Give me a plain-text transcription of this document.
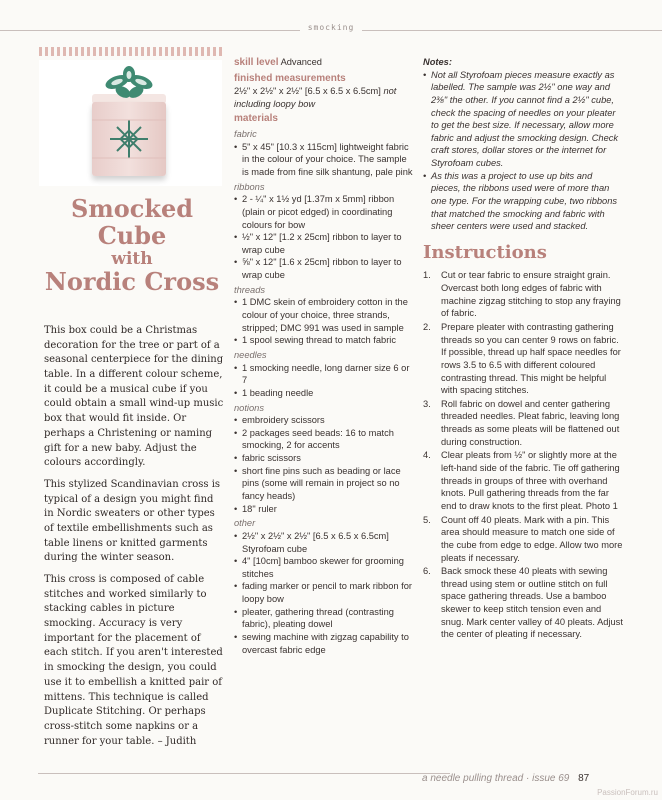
smocking
Smocked
Cube
with
Nordic Cross

This box could be a Christmas decoration for the tree or part of a seasonal centerpiece for the dining table. In a different colour scheme, it could be a musical cube if you could obtain a small wind-up music box that would fit inside. Or perhaps a Christening or naming gift for a new baby. Adjust the colours accordingly.

This stylized Scandinavian cross is typical of a design you might find in Nordic sweaters or other types of textile embellishments such as table linens or knitted garments during the winter season.

This cross is composed of cable stitches and worked similarly to stacking cables in picture smocking. Accuracy is very important for the placement of each stitch. If you aren't interested in smocking the design, you could use it to embellish a knitted pair of mittens. This technique is called Duplicate Stitching. Or perhaps cross-stitch some napkins or a runner for your table. – Judith

skill level Advanced
finished measurements
2½" x 2½" x 2½" [6.5 x 6.5 x 6.5cm] not including loopy bow
materials
fabric
• 5" x 45" [10.3 x 115cm] lightweight fabric in the colour of your choice. The sample is made from fine silk shantung, pale pink
ribbons
• 2 - ¼" x 1½ yd [1.37m x 5mm] ribbon (plain or picot edged) in coordinating colours for bow
• ½" x 12" [1.2 x 25cm] ribbon to layer to wrap cube
• ⅝" x 12" [1.6 x 25cm] ribbon to layer to wrap cube
threads
• 1 DMC skein of embroidery cotton in the colour of your choice, three strands, stripped; DMC 991 was used in sample
• 1 spool sewing thread to match fabric
needles
• 1 smocking needle, long darner size 6 or 7
• 1 beading needle
notions
• embroidery scissors
• 2 packages seed beads: 16 to match smocking, 2 for accents
• fabric scissors
• short fine pins such as beading or lace pins (some will remain in project so no fancy heads)
• 18" ruler
other
• 2½" x 2½" x 2½" [6.5 x 6.5 x 6.5cm] Styrofoam cube
• 4" [10cm] bamboo skewer for grooming stitches
• fading marker or pencil to mark ribbon for loopy bow
• pleater, gathering thread (contrasting fabric), pleating dowel
• sewing machine with zigzag capability to overcast fabric edge
Notes:
• Not all Styrofoam pieces measure exactly as labelled. The sample was 2½" one way and 2⅜" the other. If you cannot find a 2½" cube, check the spacing of needles on your pleater to get the best size. If necessary, allow more fabric and adjust the smocking design. Check craft stores, dollar stores or the internet for Styrofoam cubes.
• As this was a project to use up bits and pieces, the ribbons used were of more than one type. For the wrapping cube, two ribbons that matched the smocking and fabric with sheer centers were used and stacked.
Instructions
1. Cut or tear fabric to ensure straight grain. Overcast both long edges of fabric with machine zigzag stitching to stop any fraying of fabric.
2. Prepare pleater with contrasting gathering threads so you can center 9 rows on fabric. If possible, thread up half space needles for rows 3.5 to 6.5 with different coloured contrasting thread. This might be helpful with spacing stitches.
3. Roll fabric on dowel and center gathering threaded needles. Pleat fabric, leaving long threads as some pleats will be flattened out during construction.
4. Clear pleats from ½" or slightly more at the left-hand side of the fabric. Tie off gathering threads in groups of three with overhand knots. Pull gathering threads from the far end to draw knots to the first pleat. Photo 1
5. Count off 40 pleats. Mark with a pin. This area should measure to match one side of the cube from edge to edge. Allow two more pleats if necessary.
6. Back smock these 40 pleats with sewing thread using stem or outline stitch on full space gathering threads. Use a bamboo skewer to keep stitch tension even and snug. Mark center valley of 40 pleats. Adjust the center of pleating if necessary.
a needle pulling thread · issue 69 87
PassionForum.ru
